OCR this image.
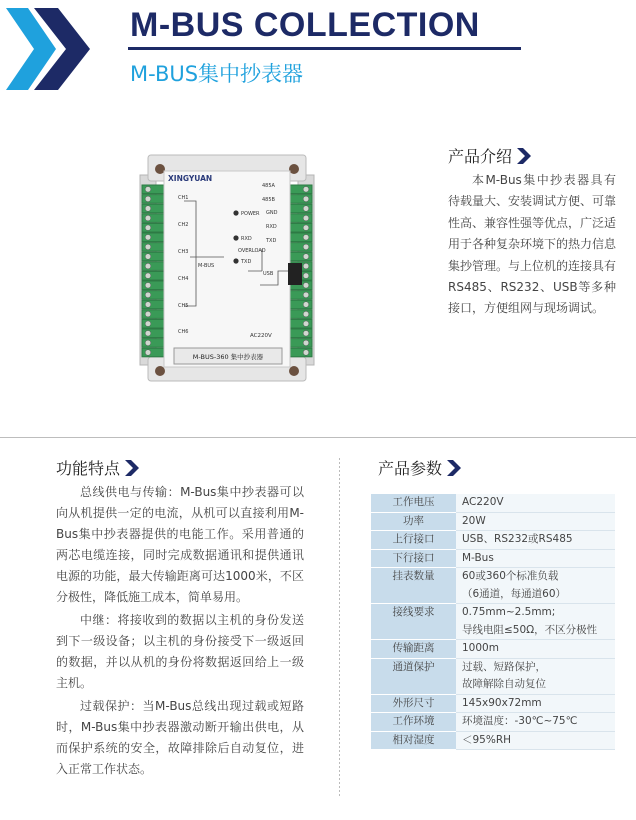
M-BUS COLLECTION
M-BUS集中抄表器
XINGYUAN
CH1
CH2
CH3
CH4
CH5
CH6
M-BUS
485A
485B
GND
RXD
TXD
POWER
RXD
OVERLOAD
TXD
USB
AC220V
M-BUS-360 集中抄表器
产品介绍

本M-Bus集中抄表器具有待载量大、安装调试方便、可靠性高、兼容性强等优点，广泛适用于各种复杂环境下的热力信息集抄管理。与上位机的连接具有RS485、RS232、USB等多种接口，方便组网与现场调试。

功能特点

总线供电与传输：M-Bus集中抄表器可以向从机提供一定的电流，从机可以直接利用M-Bus集中抄表器提供的电能工作。采用普通的两芯电缆连接，同时完成数据通讯和提供通讯电源的功能，最大传输距离可达1000米，不区分极性，降低施工成本，简单易用。

中继：将接收到的数据以主机的身份发送到下一级设备；以主机的身份接受下一级返回的数据，并以从机的身份将数据返回给上一级主机。

过载保护：当M-Bus总线出现过载或短路时，M-Bus集中抄表器激动断开输出供电，从而保护系统的安全，故障排除后自动复位，进入正常工作状态。

产品参数
工作电压	AC220V
功率	20W
上行接口	USB、RS232或RS485
下行接口	M-Bus
挂表数量	60或360个标准负载
（6通道，每通道60）
接线要求	0.75mm~2.5mm;
导线电阻≤50Ω，不区分极性
传输距离	1000m
通道保护	过载、短路保护，
故障解除自动复位
外形尺寸	145x90x72mm
工作环境	环境温度：-30℃~75℃
相对湿度	＜95%RH
